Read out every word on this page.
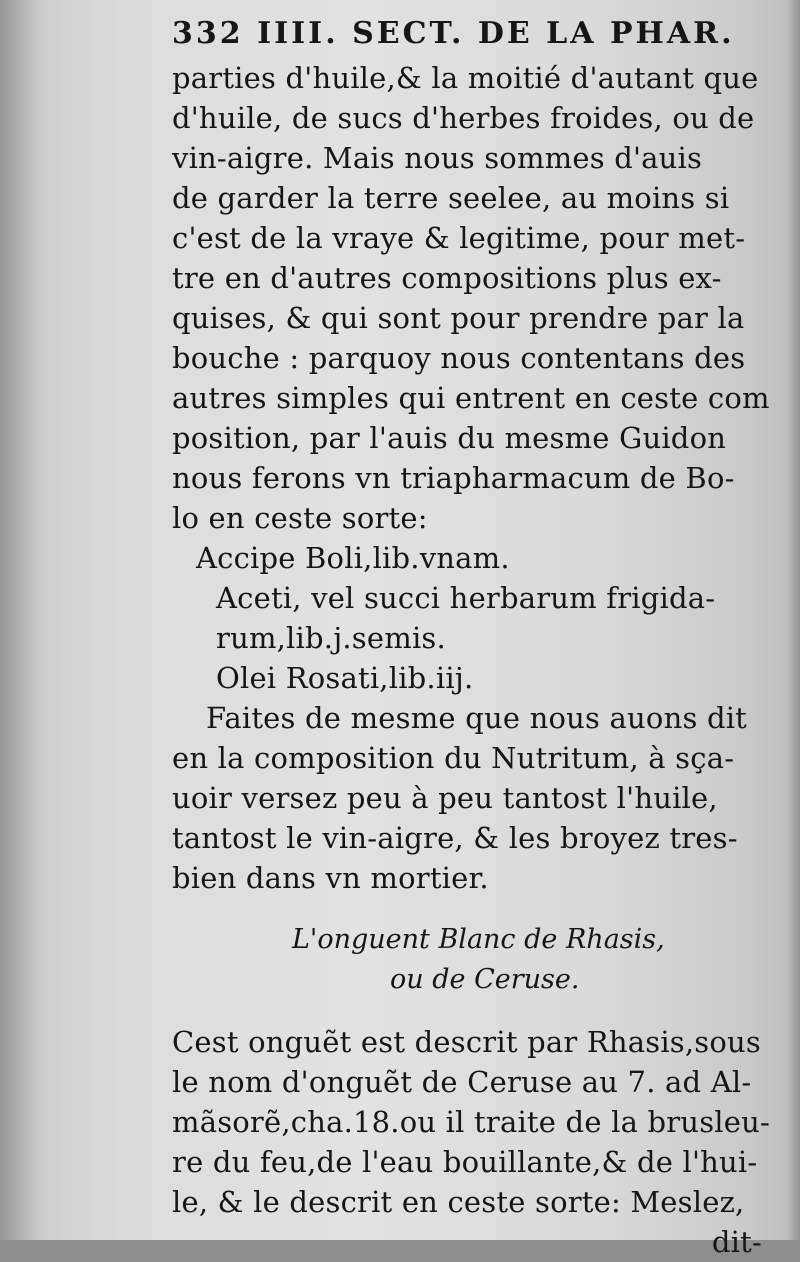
332 IIII. SECT. DE LA PHAR.
parties d'huile,& la moitié d'autant que
d'huile, de sucs d'herbes froides, ou de
vin-aigre. Mais nous sommes d'auis
de garder la terre seelee, au moins si
c'est de la vraye & legitime, pour met-
tre en d'autres compositions plus ex-
quises, & qui sont pour prendre par la
bouche : parquoy nous contentans des
autres simples qui entrent en ceste com
position, par l'auis du mesme Guidon
nous ferons vn triapharmacum de Bo-
lo en ceste sorte:
Accipe Boli,lib.vnam.
Aceti, vel succi herbarum frigida-
rum,lib.j.semis.
Olei Rosati,lib.iij.
Faites de mesme que nous auons dit
en la composition du Nutritum, à sça-
uoir versez peu à peu tantost l'huile,
tantost le vin-aigre, & les broyez tres-
bien dans vn mortier.
L'onguent Blanc de Rhasis,
ou de Ceruse.
Cest onguẽt est descrit par Rhasis,sous
le nom d'onguẽt de Ceruse au 7. ad Al-
mãsorẽ,cha.18.ou il traite de la brusleu-
re du feu,de l'eau bouillante,& de l'hui-
le, & le descrit en ceste sorte: Meslez,
dit-
